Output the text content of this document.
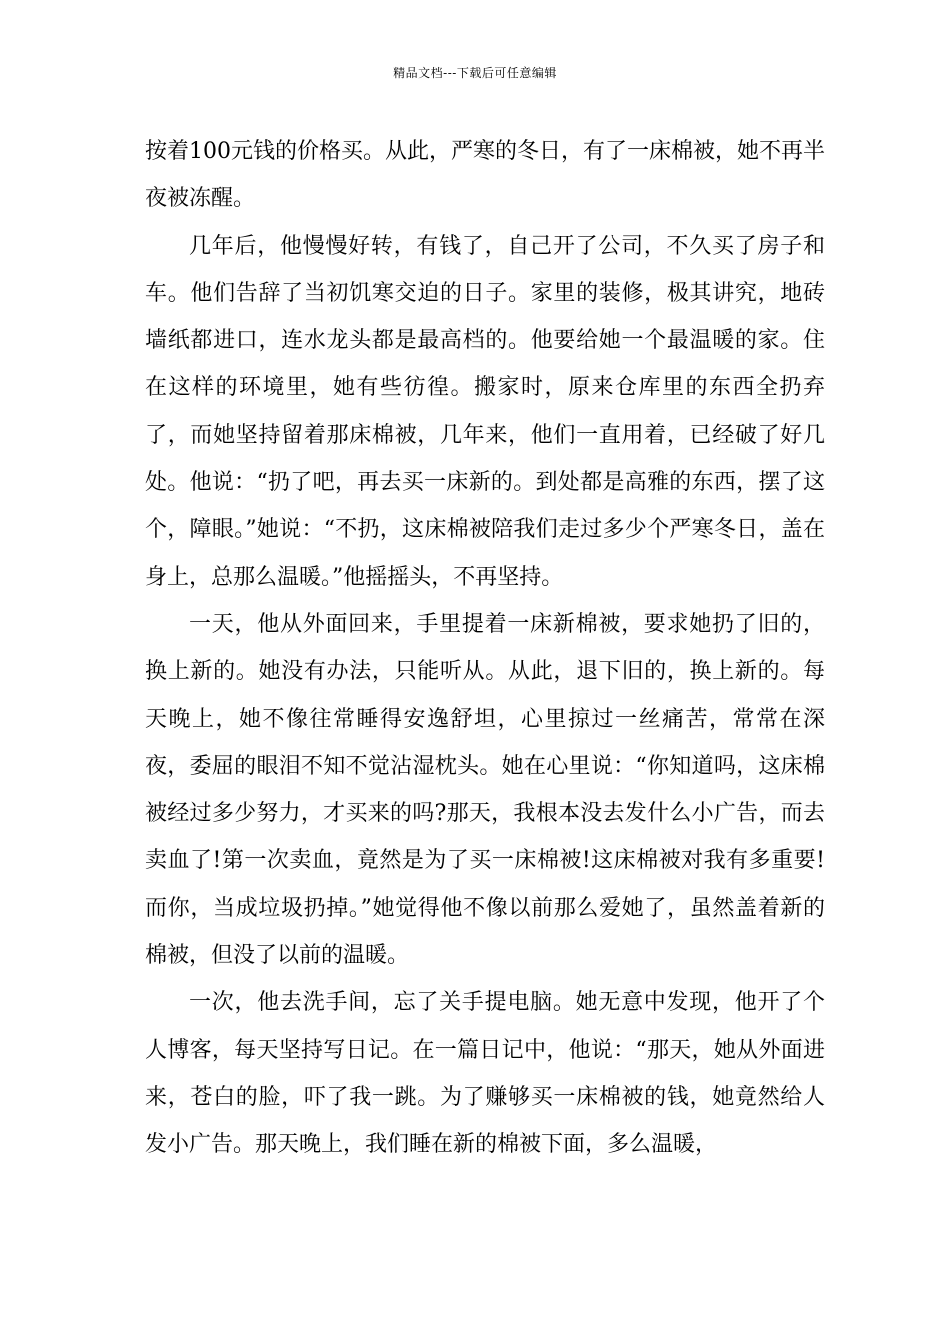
精品文档---下载后可任意编辑

按着100元钱的价格买。从此，严寒的冬日，有了一床棉被，她不再半夜被冻醒。

几年后，他慢慢好转，有钱了，自己开了公司，不久买了房子和车。他们告辞了当初饥寒交迫的日子。家里的装修，极其讲究，地砖墙纸都进口，连水龙头都是最高档的。他要给她一个最温暖的家。住在这样的环境里，她有些彷徨。搬家时，原来仓库里的东西全扔弃了，而她坚持留着那床棉被，几年来，他们一直用着，已经破了好几处。他说：“扔了吧，再去买一床新的。到处都是高雅的东西，摆了这个，障眼。”她说：“不扔，这床棉被陪我们走过多少个严寒冬日，盖在身上，总那么温暖。”他摇摇头，不再坚持。

一天，他从外面回来，手里提着一床新棉被，要求她扔了旧的，换上新的。她没有办法，只能听从。从此，退下旧的，换上新的。每天晚上，她不像往常睡得安逸舒坦，心里掠过一丝痛苦，常常在深夜，委屈的眼泪不知不觉沾湿枕头。她在心里说：“你知道吗，这床棉被经过多少努力，才买来的吗?那天，我根本没去发什么小广告，而去卖血了!第一次卖血，竟然是为了买一床棉被!这床棉被对我有多重要!而你，当成垃圾扔掉。”她觉得他不像以前那么爱她了，虽然盖着新的棉被，但没了以前的温暖。

一次，他去洗手间，忘了关手提电脑。她无意中发现，他开了个人博客，每天坚持写日记。在一篇日记中，他说：“那天，她从外面进来，苍白的脸，吓了我一跳。为了赚够买一床棉被的钱，她竟然给人发小广告。那天晚上，我们睡在新的棉被下面，多么温暖，
